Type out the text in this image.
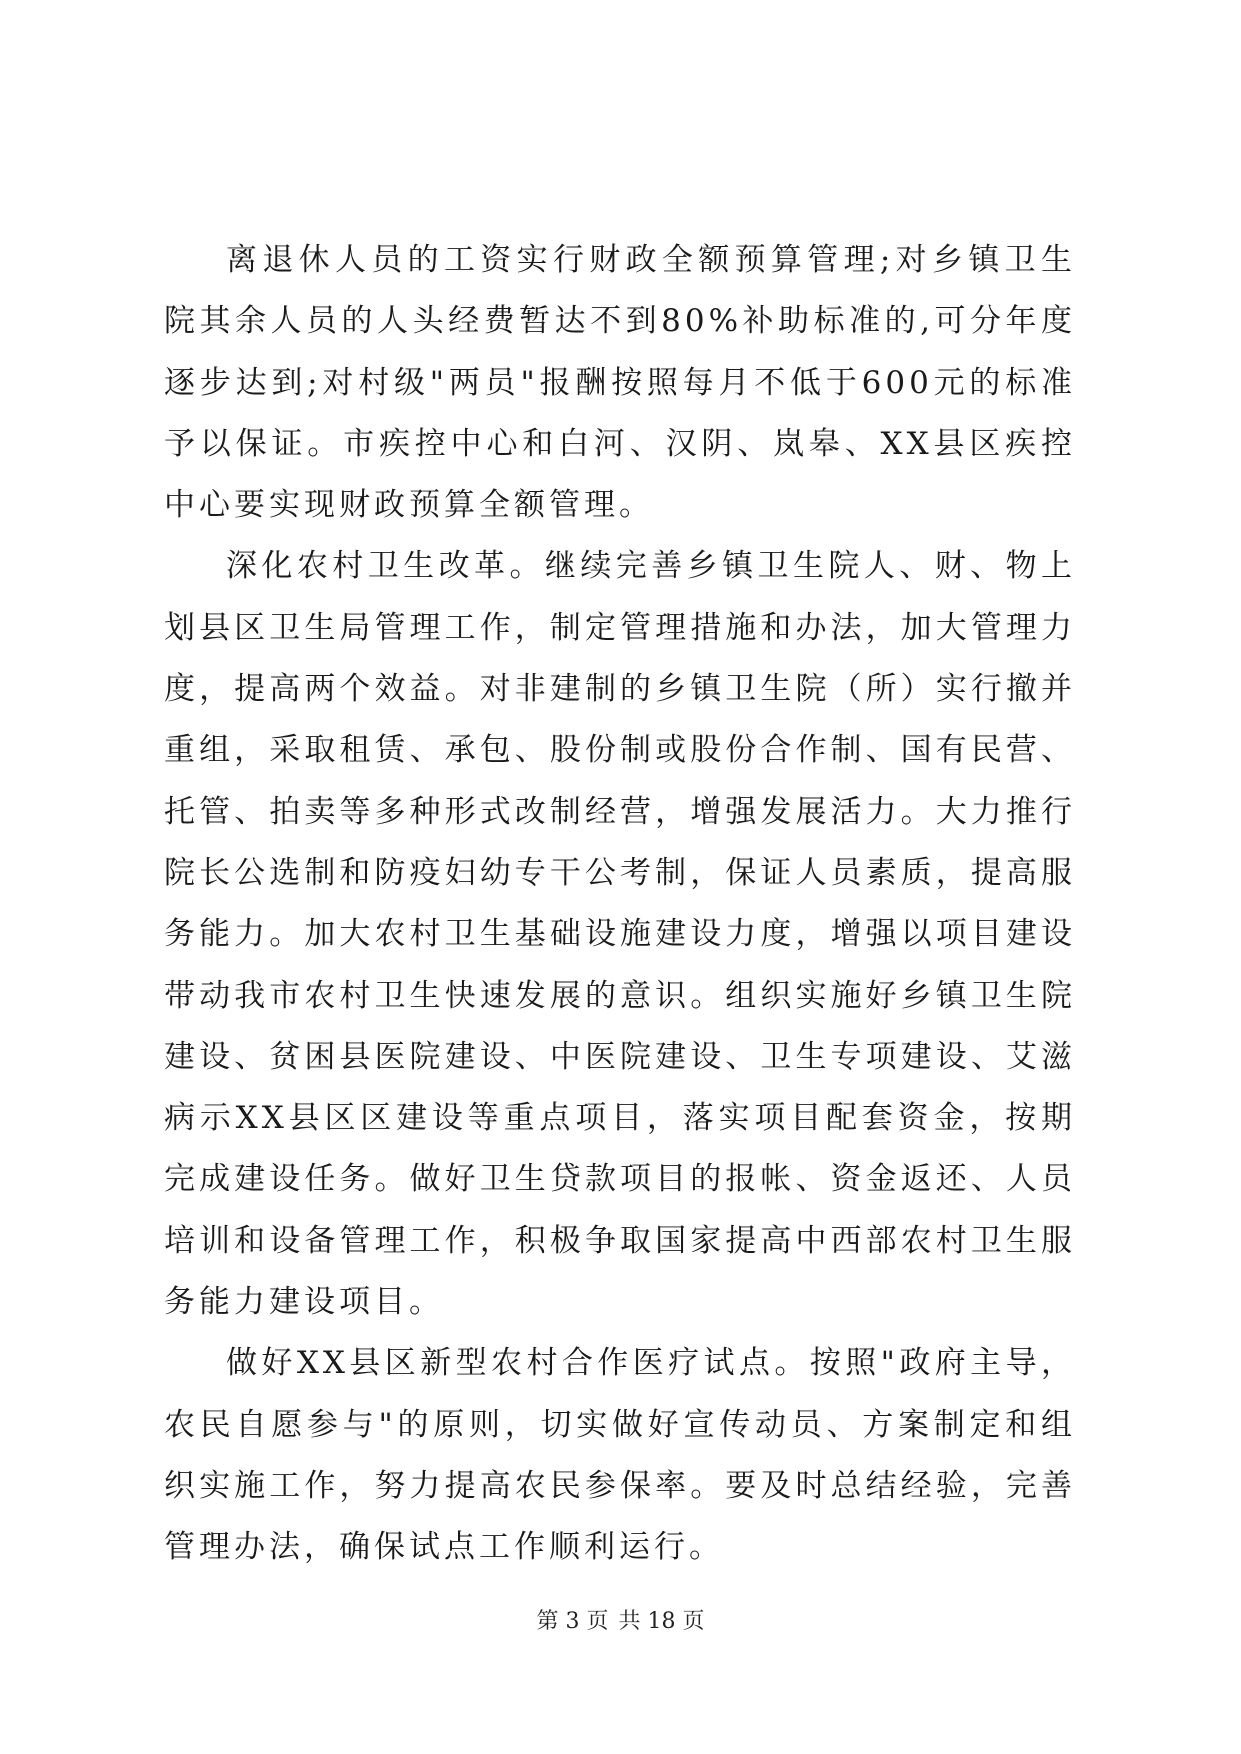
离退休人员的工资实行财政全额预算管理;对乡镇卫生院其余人员的人头经费暂达不到80%补助标准的,可分年度逐步达到;对村级"两员"报酬按照每月不低于600元的标准予以保证。市疾控中心和白河、汉阴、岚皋、XX县区疾控中心要实现财政预算全额管理。

深化农村卫生改革。继续完善乡镇卫生院人、财、物上划县区卫生局管理工作，制定管理措施和办法，加大管理力度，提高两个效益。对非建制的乡镇卫生院（所）实行撤并重组，采取租赁、承包、股份制或股份合作制、国有民营、托管、拍卖等多种形式改制经营，增强发展活力。大力推行院长公选制和防疫妇幼专干公考制，保证人员素质，提高服务能力。加大农村卫生基础设施建设力度，增强以项目建设带动我市农村卫生快速发展的意识。组织实施好乡镇卫生院建设、贫困县医院建设、中医院建设、卫生专项建设、艾滋病示XX县区区建设等重点项目，落实项目配套资金，按期完成建设任务。做好卫生贷款项目的报帐、资金返还、人员培训和设备管理工作，积极争取国家提高中西部农村卫生服务能力建设项目。

做好XX县区新型农村合作医疗试点。按照"政府主导，农民自愿参与"的原则，切实做好宣传动员、方案制定和组织实施工作，努力提高农民参保率。要及时总结经验，完善管理办法，确保试点工作顺利运行。

第 3 页 共 18 页
